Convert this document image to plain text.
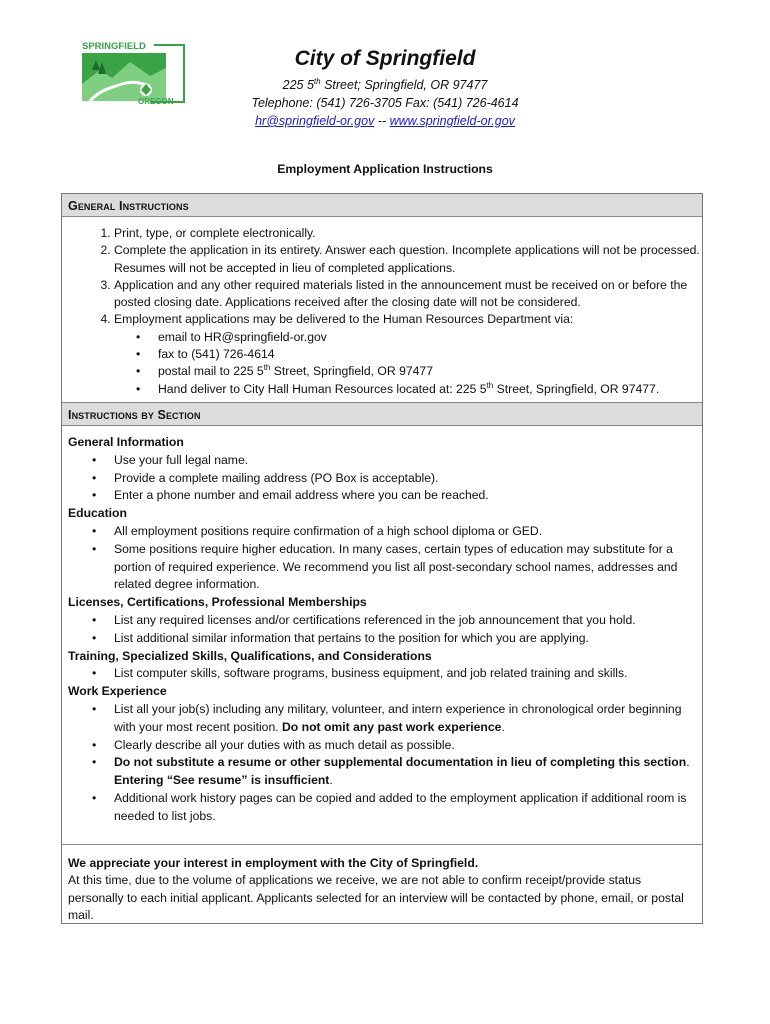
SPRINGFIELD
OREGON
City of Springfield
225 5th Street; Springfield, OR 97477
Telephone: (541) 726-3705 Fax: (541) 726-4614
hr@springfield-or.gov -- www.springfield-or.gov
Employment Application Instructions
General Instructions
1. Print, type, or complete electronically.
2. Complete the application in its entirety. Answer each question. Incomplete applications will not be processed. Resumes will not be accepted in lieu of completed applications.
3. Application and any other required materials listed in the announcement must be received on or before the posted closing date. Applications received after the closing date will not be considered.
4. Employment applications may be delivered to the Human Resources Department via:
• email to HR@springfield-or.gov
• fax to (541) 726-4614
• postal mail to 225 5th Street, Springfield, OR 97477
• Hand deliver to City Hall Human Resources located at: 225 5th Street, Springfield, OR 97477.
Instructions by Section
General Information
• Use your full legal name.
• Provide a complete mailing address (PO Box is acceptable).
• Enter a phone number and email address where you can be reached.
Education
• All employment positions require confirmation of a high school diploma or GED.
• Some positions require higher education. In many cases, certain types of education may substitute for a portion of required experience. We recommend you list all post-secondary school names, addresses and related degree information.
Licenses, Certifications, Professional Memberships
• List any required licenses and/or certifications referenced in the job announcement that you hold.
• List additional similar information that pertains to the position for which you are applying.
Training, Specialized Skills, Qualifications, and Considerations
• List computer skills, software programs, business equipment, and job related training and skills.
Work Experience
• List all your job(s) including any military, volunteer, and intern experience in chronological order beginning with your most recent position. Do not omit any past work experience.
• Clearly describe all your duties with as much detail as possible.
• Do not substitute a resume or other supplemental documentation in lieu of completing this section. Entering “See resume” is insufficient.
• Additional work history pages can be copied and added to the employment application if additional room is needed to list jobs.
We appreciate your interest in employment with the City of Springfield.
At this time, due to the volume of applications we receive, we are not able to confirm receipt/provide status personally to each initial applicant. Applicants selected for an interview will be contacted by phone, email, or postal mail.
